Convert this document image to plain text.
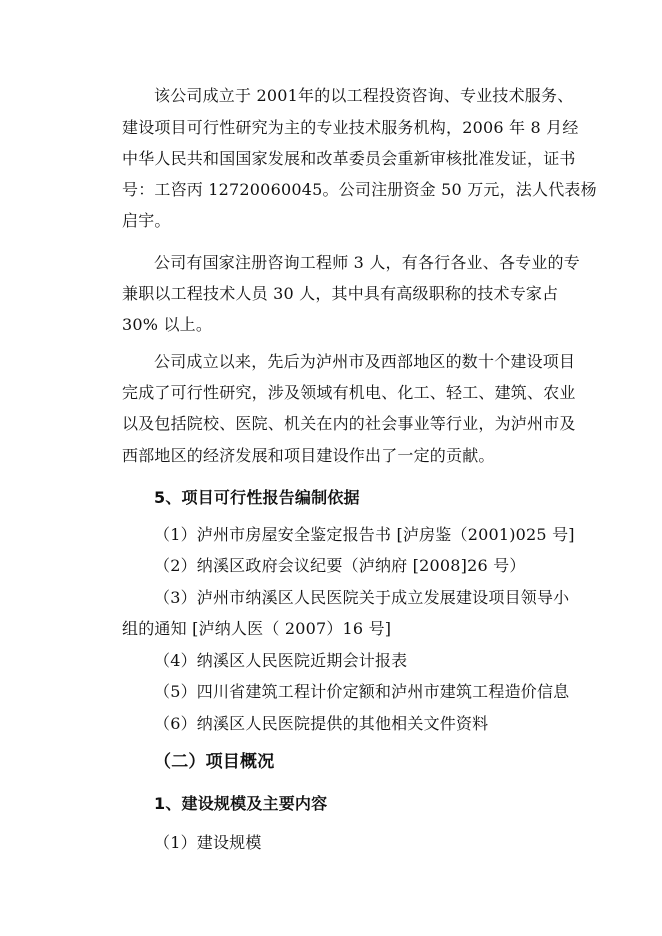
该公司成立于 2001年的以工程投资咨询、专业技术服务、
建设项目可行性研究为主的专业技术服务机构，2006 年 8 月经
中华人民共和国国家发展和改革委员会重新审核批准发证，证书
号：工咨丙 12720060045。公司注册资金 50 万元，法人代表杨
启宇。
公司有国家注册咨询工程师 3 人，有各行各业、各专业的专
兼职以工程技术人员 30 人，其中具有高级职称的技术专家占
30% 以上。
公司成立以来，先后为泸州市及西部地区的数十个建设项目
完成了可行性研究，涉及领域有机电、化工、轻工、建筑、农业
以及包括院校、医院、机关在内的社会事业等行业，为泸州市及
西部地区的经济发展和项目建设作出了一定的贡献。
5、项目可行性报告编制依据
（1）泸州市房屋安全鉴定报告书 [泸房鉴（2001)025 号]
（2）纳溪区政府会议纪要（泸纳府 [2008]26 号）
（3）泸州市纳溪区人民医院关于成立发展建设项目领导小
组的通知 [泸纳人医（ 2007）16 号]
（4）纳溪区人民医院近期会计报表
（5）四川省建筑工程计价定额和泸州市建筑工程造价信息
（6）纳溪区人民医院提供的其他相关文件资料
（二）项目概况
1、建设规模及主要内容
（1）建设规模
